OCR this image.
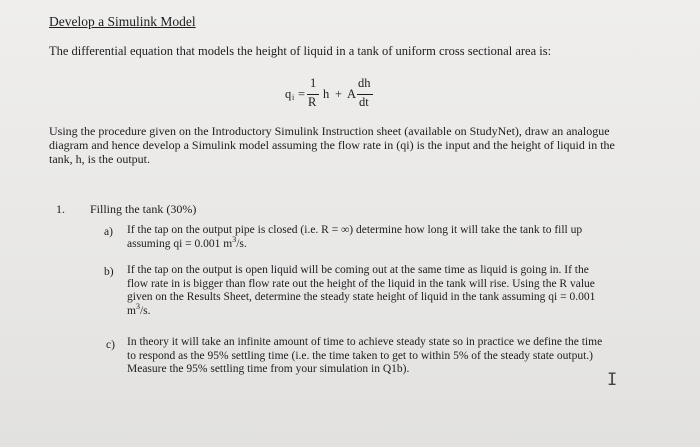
Develop a Simulink Model
The differential equation that models the height of liquid in a tank of uniform cross sectional area is:
q i =
1
R
h + A
dh
dt
Using the procedure given on the Introductory Simulink Instruction sheet (available on StudyNet), draw an analogue diagram and hence develop a Simulink model assuming the flow rate in (qi) is the input and the height of liquid in the tank, h, is the output.
1. Filling the tank (30%)
a) If the tap on the output pipe is closed (i.e. R = ∞) determine how long it will take the tank to fill up assuming qi = 0.001 $m^3/s$.
b) If the tap on the output is open liquid will be coming out at the same time as liquid is going in. If the flow rate in is bigger than flow rate out the height of the liquid in the tank will rise. Using the R value given on the Results Sheet, determine the steady state height of liquid in the tank assuming qi = 0.001 $m^3/s$.
c) In theory it will take an infinite amount of time to achieve steady state so in practice we define the time to respond as the 95% settling time (i.e. the time taken to get to within 5% of the steady state output.) Measure the 95% settling time from your simulation in Q1b).
I
